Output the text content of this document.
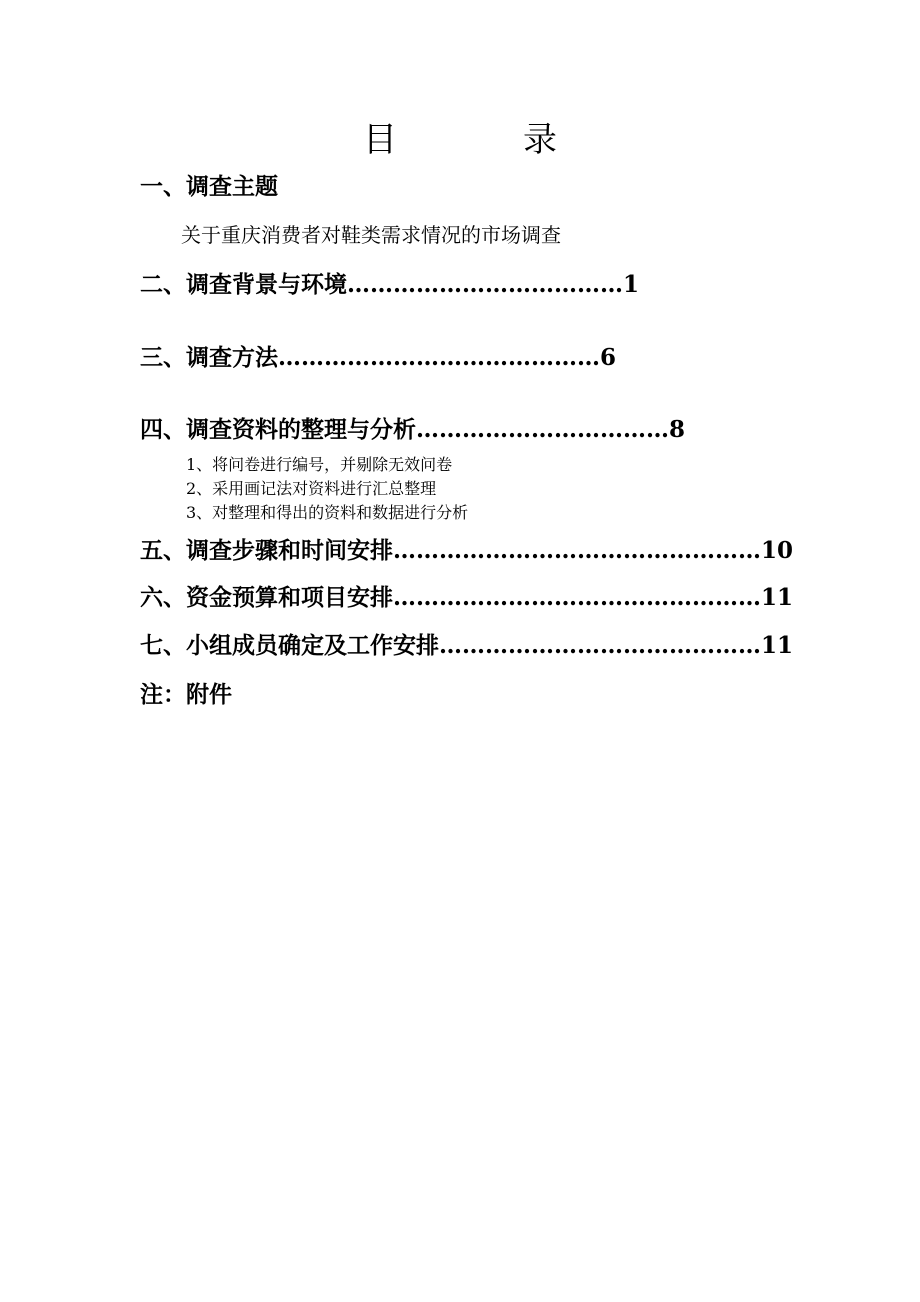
目　录
一、调查主题
关于重庆消费者对鞋类需求情况的市场调查
二、调查背景与环境 ……………………………… 1
三、调查方法 …………………………………… 6
四、调查资料的整理与分析 …………………………… 8
1、将问卷进行编号，并剔除无效问卷
2、采用画记法对资料进行汇总整理
3、对整理和得出的资料和数据进行分析
五、调查步骤和时间安排 ………………………………………… 10
六、资金预算和项目安排 ………………………………………… 11
七、小组成员确定及工作安排 …………………………………… 11
注：附件
